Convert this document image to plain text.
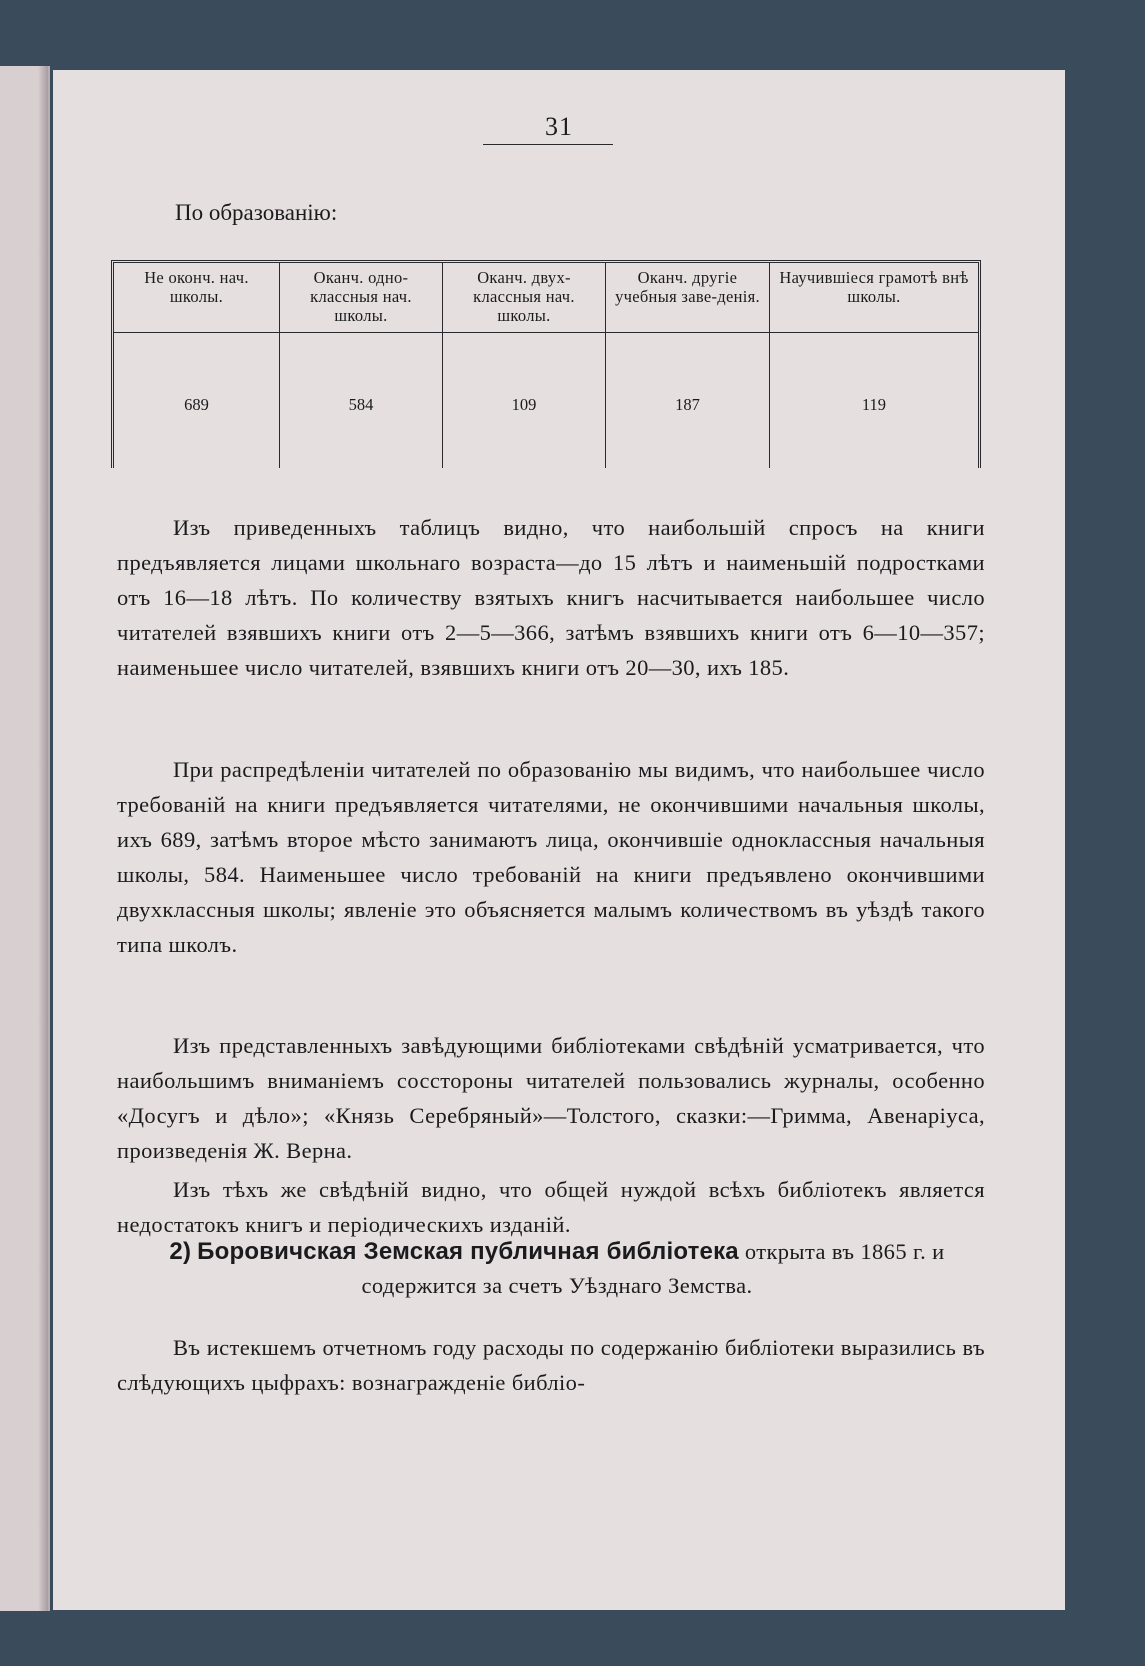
31
По образованію:
Не оконч. нач. школы.
689
Оканч. одно-классныя нач. школы.
584
Оканч. двух-классныя нач. школы.
109
Оканч. другіе учебныя заве-денія.
187
Научившіеся грамотѣ внѣ школы.
119

Изъ приведенныхъ таблицъ видно, что наибольшій спросъ на книги предъявляется лицами школьнаго возраста—до 15 лѣтъ и наименьшій подростками отъ 16—18 лѣтъ. По количеству взятыхъ книгъ насчитывается наибольшее число читателей взявшихъ книги отъ 2—5—366, затѣмъ взявшихъ книги отъ 6—10—357; наименьшее число читателей, взявшихъ книги отъ 20—30, ихъ 185.

При распредѣленіи читателей по образованію мы видимъ, что наибольшее число требованій на книги предъявляется читателями, не окончившими начальныя школы, ихъ 689, затѣмъ второе мѣсто занимаютъ лица, окончившіе одноклассныя начальныя школы, 584. Наименьшее число требованій на книги предъявлено окончившими двухклассныя школы; явленіе это объясняется малымъ количествомъ въ уѣздѣ такого типа школъ.

Изъ представленныхъ завѣдующими библіотеками свѣдѣній усматривается, что наибольшимъ вниманіемъ сосстороны читателей пользовались журналы, особенно «Досугъ и дѣло»; «Князь Серебряный»—Толстого, сказки:—Гримма, Авенаріуса, произведенія Ж. Верна.

Изъ тѣхъ же свѣдѣній видно, что общей нуждой всѣхъ библіотекъ является недостатокъ книгъ и періодическихъ изданій.

2) Боровичская Земская публичная библіотека открыта въ 1865 г. и содержится за счетъ Уѣзднаго Земства.

Въ истекшемъ отчетномъ году расходы по содержанію библіотеки выразились въ слѣдующихъ цыфрахъ: вознагражденіе библіо-
